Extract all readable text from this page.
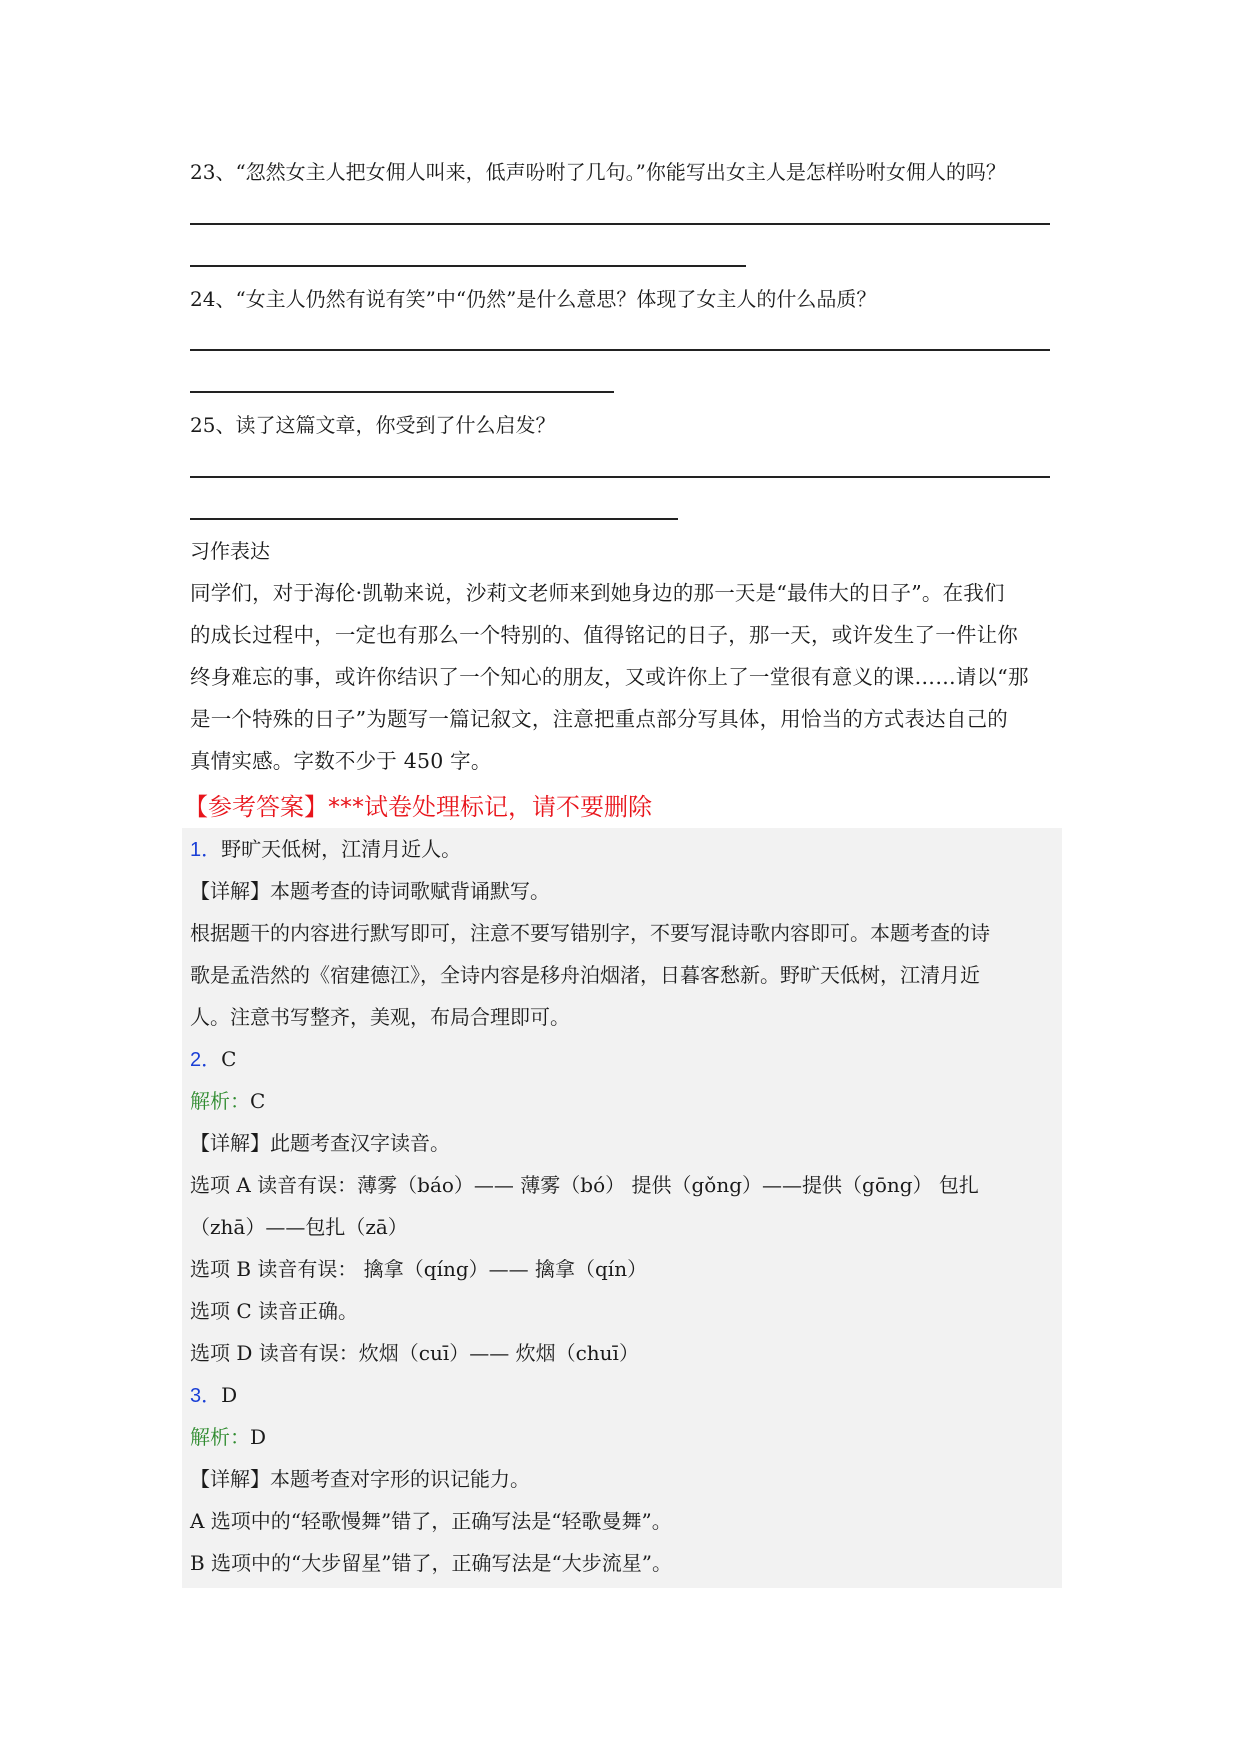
23、“忽然女主人把女佣人叫来，低声吩咐了几句。”你能写出女主人是怎样吩咐女佣人的吗？
24、“女主人仍然有说有笑”中“仍然”是什么意思？体现了女主人的什么品质？
25、读了这篇文章，你受到了什么启发？
习作表达
同学们，对于海伦·凯勒来说，沙莉文老师来到她身边的那一天是“最伟大的日子”。在我们
的成长过程中，一定也有那么一个特别的、值得铭记的日子，那一天，或许发生了一件让你
终身难忘的事，或许你结识了一个知心的朋友，又或许你上了一堂很有意义的课……请以“那
是一个特殊的日子”为题写一篇记叙文，注意把重点部分写具体，用恰当的方式表达自己的
真情实感。字数不少于 450 字。
【参考答案】***试卷处理标记，请不要删除
1．野旷天低树，江清月近人。
【详解】本题考查的诗词歌赋背诵默写。
根据题干的内容进行默写即可，注意不要写错别字，不要写混诗歌内容即可。本题考查的诗
歌是孟浩然的《宿建德江》，全诗内容是移舟泊烟渚，日暮客愁新。野旷天低树，江清月近
人。注意书写整齐，美观，布局合理即可。
2．C
解析：C
【详解】此题考查汉字读音。
选项 A 读音有误：薄雾（báo）—— 薄雾（bó） 提供（gǒng）——提供（gōng） 包扎
（zhā）——包扎（zā）
选项 B 读音有误： 擒拿（qíng）—— 擒拿（qín）
选项 C 读音正确。
选项 D 读音有误：炊烟（cuī）—— 炊烟（chuī）
3．D
解析：D
【详解】本题考查对字形的识记能力。
A 选项中的“轻歌慢舞”错了，正确写法是“轻歌曼舞”。
B 选项中的“大步留星”错了，正确写法是“大步流星”。
